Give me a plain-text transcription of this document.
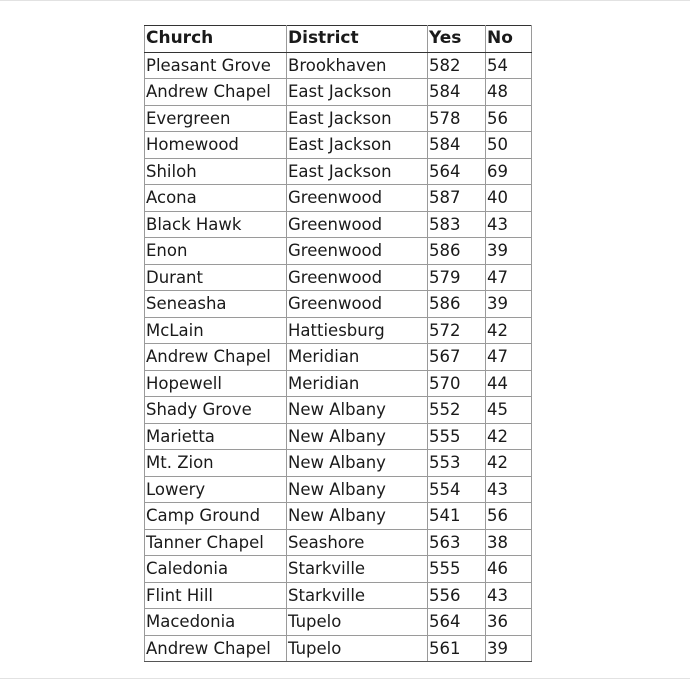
Church	District	Yes	No
Pleasant Grove	Brookhaven	582	54
Andrew Chapel	East Jackson	584	48
Evergreen	East Jackson	578	56
Homewood	East Jackson	584	50
Shiloh	East Jackson	564	69
Acona	Greenwood	587	40
Black Hawk	Greenwood	583	43
Enon	Greenwood	586	39
Durant	Greenwood	579	47
Seneasha	Greenwood	586	39
McLain	Hattiesburg	572	42
Andrew Chapel	Meridian	567	47
Hopewell	Meridian	570	44
Shady Grove	New Albany	552	45
Marietta	New Albany	555	42
Mt. Zion	New Albany	553	42
Lowery	New Albany	554	43
Camp Ground	New Albany	541	56
Tanner Chapel	Seashore	563	38
Caledonia	Starkville	555	46
Flint Hill	Starkville	556	43
Macedonia	Tupelo	564	36
Andrew Chapel	Tupelo	561	39
